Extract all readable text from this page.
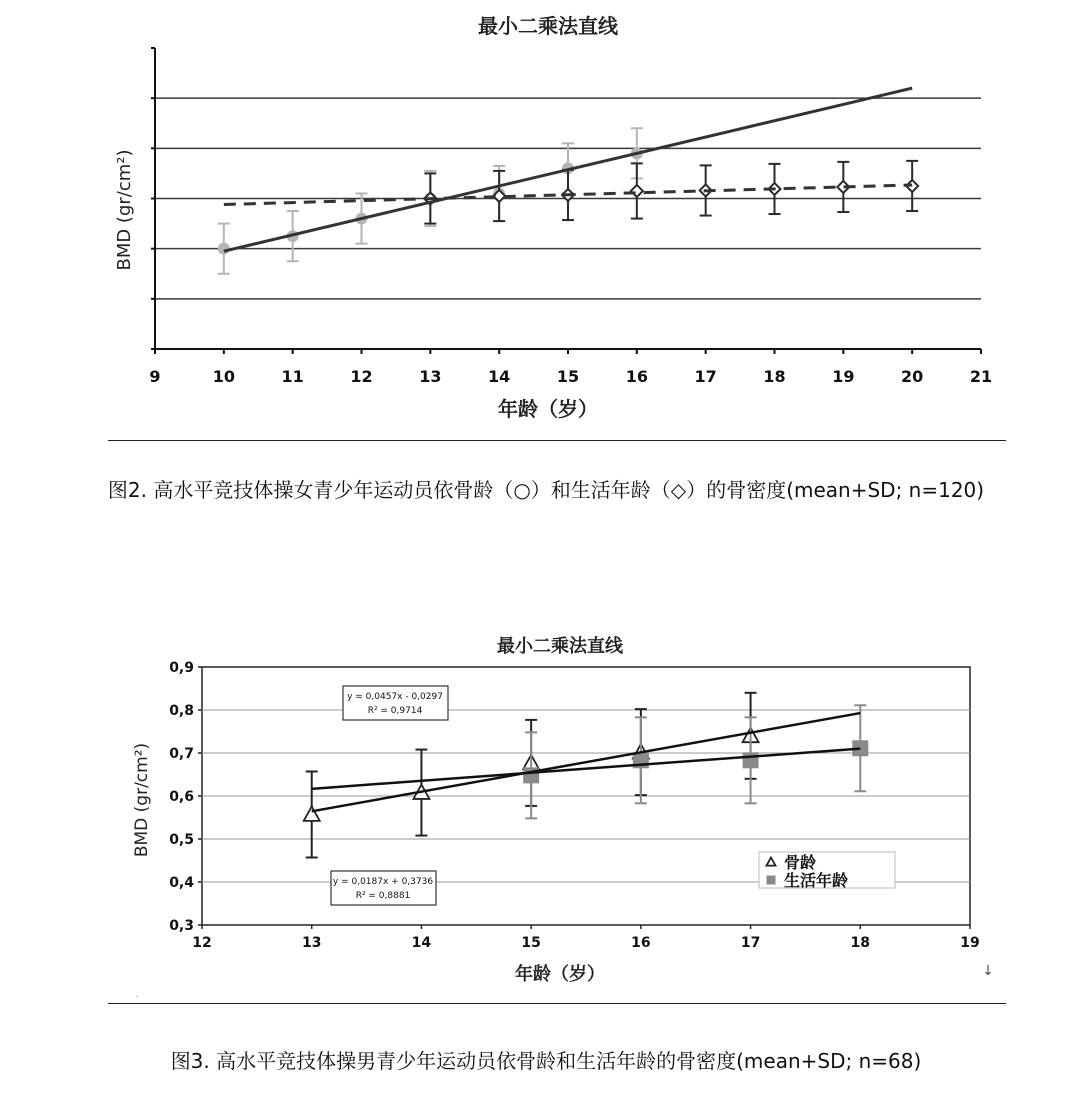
9	10	11	12	13	14	15	16	17	18	19	20	21
最小二乘法直线
年龄（岁）
BMD (gr/cm²)
图2. 高水平竞技体操女青少年运动员依骨龄（○）和生活年龄（◇）的骨密度(mean+SD; n=120)
0,3
0,4
0,5
0,6
0,7
0,8
0,9
12	13	14	15	16	17	18	19
最小二乘法直线
年龄（岁）
BMD (gr/cm²)
y = 0,0457x - 0,0297
R² = 0,9714
y = 0,0187x + 0,3736
R² = 0,8881
骨龄
生活年龄
↓
·
图3. 高水平竞技体操男青少年运动员依骨龄和生活年龄的骨密度(mean+SD; n=68)
